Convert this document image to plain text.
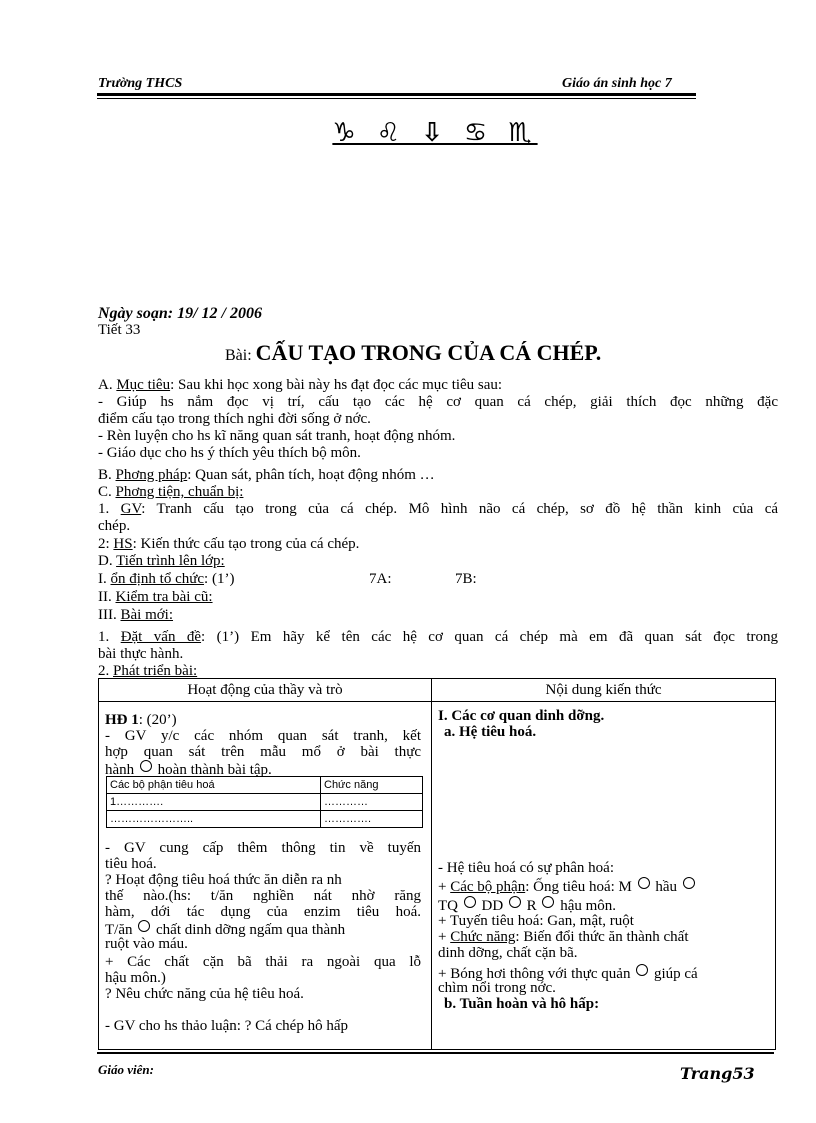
Trường THCS	Giáo án sinh học 7
♑ ♌ ⇩ ♋ ♏
Ngày soạn: 19/ 12 / 2006
Tiết 33
Bài: CẤU TẠO TRONG CỦA CÁ CHÉP.
A. Mục tiêu: Sau khi học xong bài này hs đạt đọc các mục tiêu sau:
- Giúp hs nắm đọc vị trí, cấu tạo các hệ cơ quan cá chép, giải thích đọc những đặc
điểm cấu tạo trong thích nghi đời sống ở nớc.
- Rèn luyện cho hs kĩ năng quan sát tranh, hoạt động nhóm.
- Giáo dục cho hs ý thích yêu thích bộ môn.
B. Phơng pháp: Quan sát, phân tích, hoạt động nhóm …
C. Phơng tiện, chuẩn bị:
1. GV: Tranh cấu tạo trong của cá chép. Mô hình não cá chép, sơ đồ hệ thần kinh của cá
chép.
2: HS: Kiến thức cấu tạo trong của cá chép.
D. Tiến trình lên lớp:
I. ổn định tổ chức: (1’)	7A:	7B:
II. Kiểm tra bài cũ:
III. Bài mới:
1. Đặt vấn đề: (1’) Em hãy kể tên các hệ cơ quan cá chép mà em đã quan sát đọc trong
bài thực hành.
2. Phát triển bài:
Hoạt động của thầy và trò	Nội dung kiến thức

HĐ 1: (20’)
- GV y/c các nhóm quan sát tranh, kết
hợp quan sát trên mẫu mổ ở bài thực
hành hoàn thành bài tập.
Các bộ phận tiêu hoá	Chức năng
1………….	…………
…………………..	………….
- GV cung cấp thêm thông tin về tuyến
tiêu hoá.
? Hoạt động tiêu hoá thức ăn diễn ra nh
thế nào.(hs: t/ăn nghiền nát nhờ răng
hàm, dới tác dụng của enzim tiêu hoá.
T/ăn chất dinh dỡng ngấm qua thành
ruột vào máu.
+ Các chất cặn bã thải ra ngoài qua lỗ
hậu môn.)
? Nêu chức năng của hệ tiêu hoá.
- GV cho hs thảo luận: ? Cá chép hô hấp

I. Các cơ quan dinh dỡng.
a. Hệ tiêu hoá.
- Hệ tiêu hoá có sự phân hoá:
+ Các bộ phận: Ống tiêu hoá: M hầu
TQ DD R hậu môn.
+ Tuyến tiêu hoá: Gan, mật, ruột
+ Chức năng: Biến đổi thức ăn thành chất
dinh dỡng, chất cặn bã.
+ Bóng hơi thông với thực quản giúp cá
chìm nổi trong nớc.
b. Tuần hoàn và hô hấp:
Giáo viên:	Trang53
